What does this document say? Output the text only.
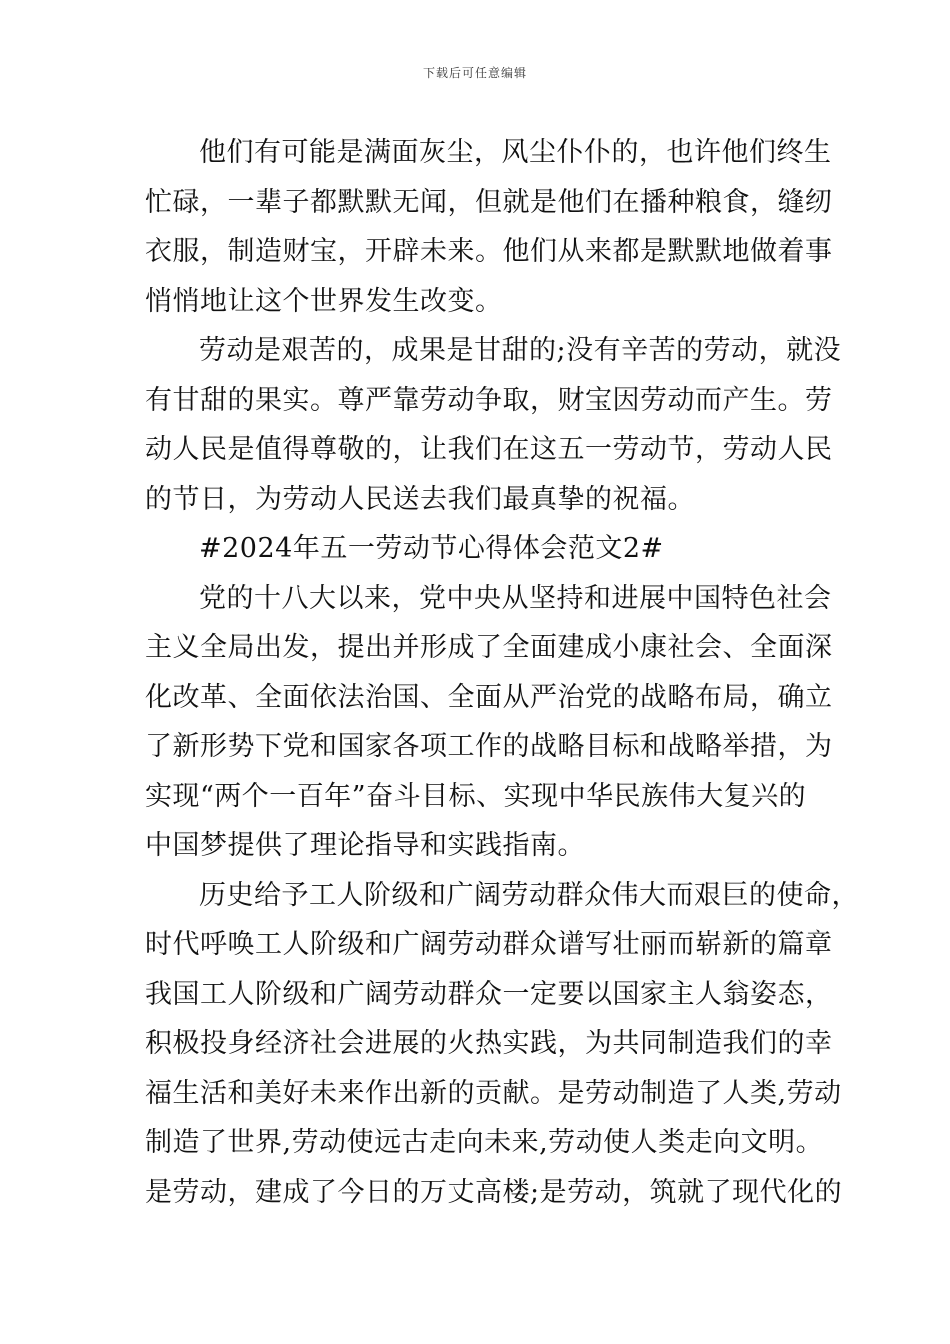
下载后可任意编辑
他们有可能是满面灰尘，风尘仆仆的，也许他们终生
忙碌，一辈子都默默无闻，但就是他们在播种粮食，缝纫
衣服，制造财宝，开辟未来。他们从来都是默默地做着事
悄悄地让这个世界发生改变。
劳动是艰苦的，成果是甘甜的;没有辛苦的劳动，就没
有甘甜的果实。尊严靠劳动争取，财宝因劳动而产生。劳
动人民是值得尊敬的，让我们在这五一劳动节，劳动人民
的节日，为劳动人民送去我们最真挚的祝福。
#2024年五一劳动节心得体会范文2#
党的十八大以来，党中央从坚持和进展中国特色社会
主义全局出发，提出并形成了全面建成小康社会、全面深
化改革、全面依法治国、全面从严治党的战略布局，确立
了新形势下党和国家各项工作的战略目标和战略举措，为
实现“两个一百年”奋斗目标、实现中华民族伟大复兴的
中国梦提供了理论指导和实践指南。
历史给予工人阶级和广阔劳动群众伟大而艰巨的使命，
时代呼唤工人阶级和广阔劳动群众谱写壮丽而崭新的篇章
我国工人阶级和广阔劳动群众一定要以国家主人翁姿态，
积极投身经济社会进展的火热实践，为共同制造我们的幸
福生活和美好未来作出新的贡献。是劳动制造了人类,劳动
制造了世界,劳动使远古走向未来,劳动使人类走向文明。
是劳动，建成了今日的万丈高楼;是劳动，筑就了现代化的
